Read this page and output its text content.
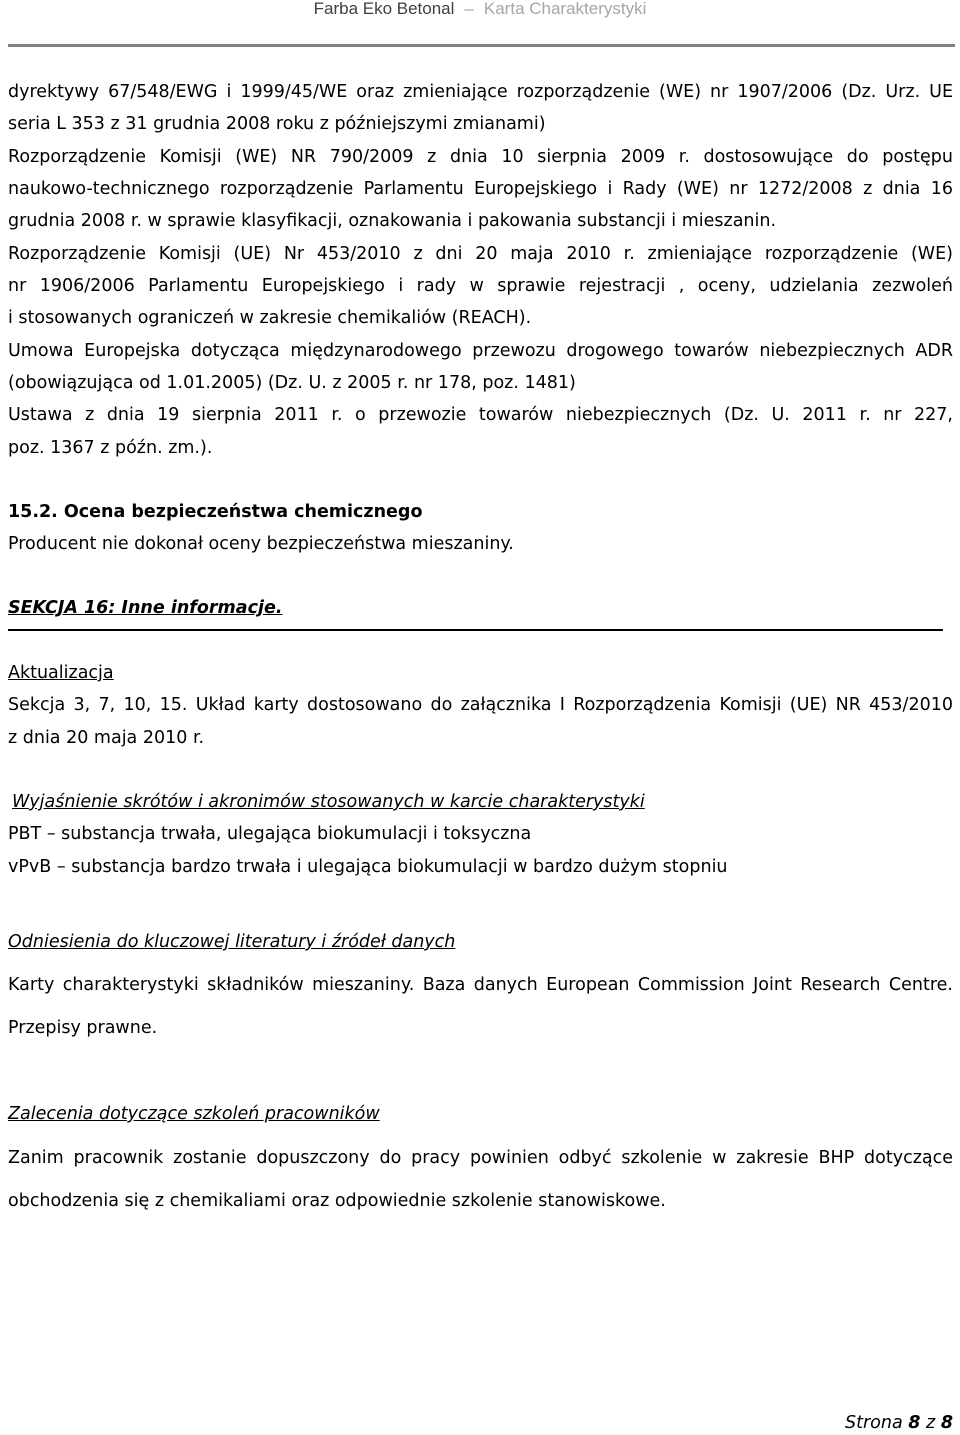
Farba Eko Betonal – Karta Charakterystyki
dyrektywy 67/548/EWG i 1999/45/WE oraz zmieniające rozporządzenie (WE) nr 1907/2006 (Dz. Urz. UE
seria L 353 z 31 grudnia 2008 roku z późniejszymi zmianami)
Rozporządzenie Komisji (WE) NR 790/2009 z dnia 10 sierpnia 2009 r. dostosowujące do postępu
naukowo-technicznego rozporządzenie Parlamentu Europejskiego i Rady (WE) nr 1272/2008 z dnia 16
grudnia 2008 r. w sprawie klasyfikacji, oznakowania i pakowania substancji i mieszanin.
Rozporządzenie Komisji (UE) Nr 453/2010 z dni 20 maja 2010 r. zmieniające rozporządzenie (WE)
nr 1906/2006 Parlamentu Europejskiego i rady w sprawie rejestracji , oceny, udzielania zezwoleń
i stosowanych ograniczeń w zakresie chemikaliów (REACH).
Umowa Europejska dotycząca międzynarodowego przewozu drogowego towarów niebezpiecznych ADR
(obowiązująca od 1.01.2005) (Dz. U. z 2005 r. nr 178, poz. 1481)
Ustawa z dnia 19 sierpnia 2011 r. o przewozie towarów niebezpiecznych (Dz. U. 2011 r. nr 227,
poz. 1367 z późn. zm.).
15.2. Ocena bezpieczeństwa chemicznego
Producent nie dokonał oceny bezpieczeństwa mieszaniny.
SEKCJA 16: Inne informacje.
Aktualizacja
Sekcja 3, 7, 10, 15. Układ karty dostosowano do załącznika I Rozporządzenia Komisji (UE) NR 453/2010
z dnia 20 maja 2010 r.
Wyjaśnienie skrótów i akronimów stosowanych w karcie charakterystyki
PBT – substancja trwała, ulegająca biokumulacji i toksyczna
vPvB – substancja bardzo trwała i ulegająca biokumulacji w bardzo dużym stopniu
Odniesienia do kluczowej literatury i źródeł danych
Karty charakterystyki składników mieszaniny. Baza danych European Commission Joint Research Centre.
Przepisy prawne.
Zalecenia dotyczące szkoleń pracowników
Zanim pracownik zostanie dopuszczony do pracy powinien odbyć szkolenie w zakresie BHP dotyczące
obchodzenia się z chemikaliami oraz odpowiednie szkolenie stanowiskowe.
Strona 8 z 8
